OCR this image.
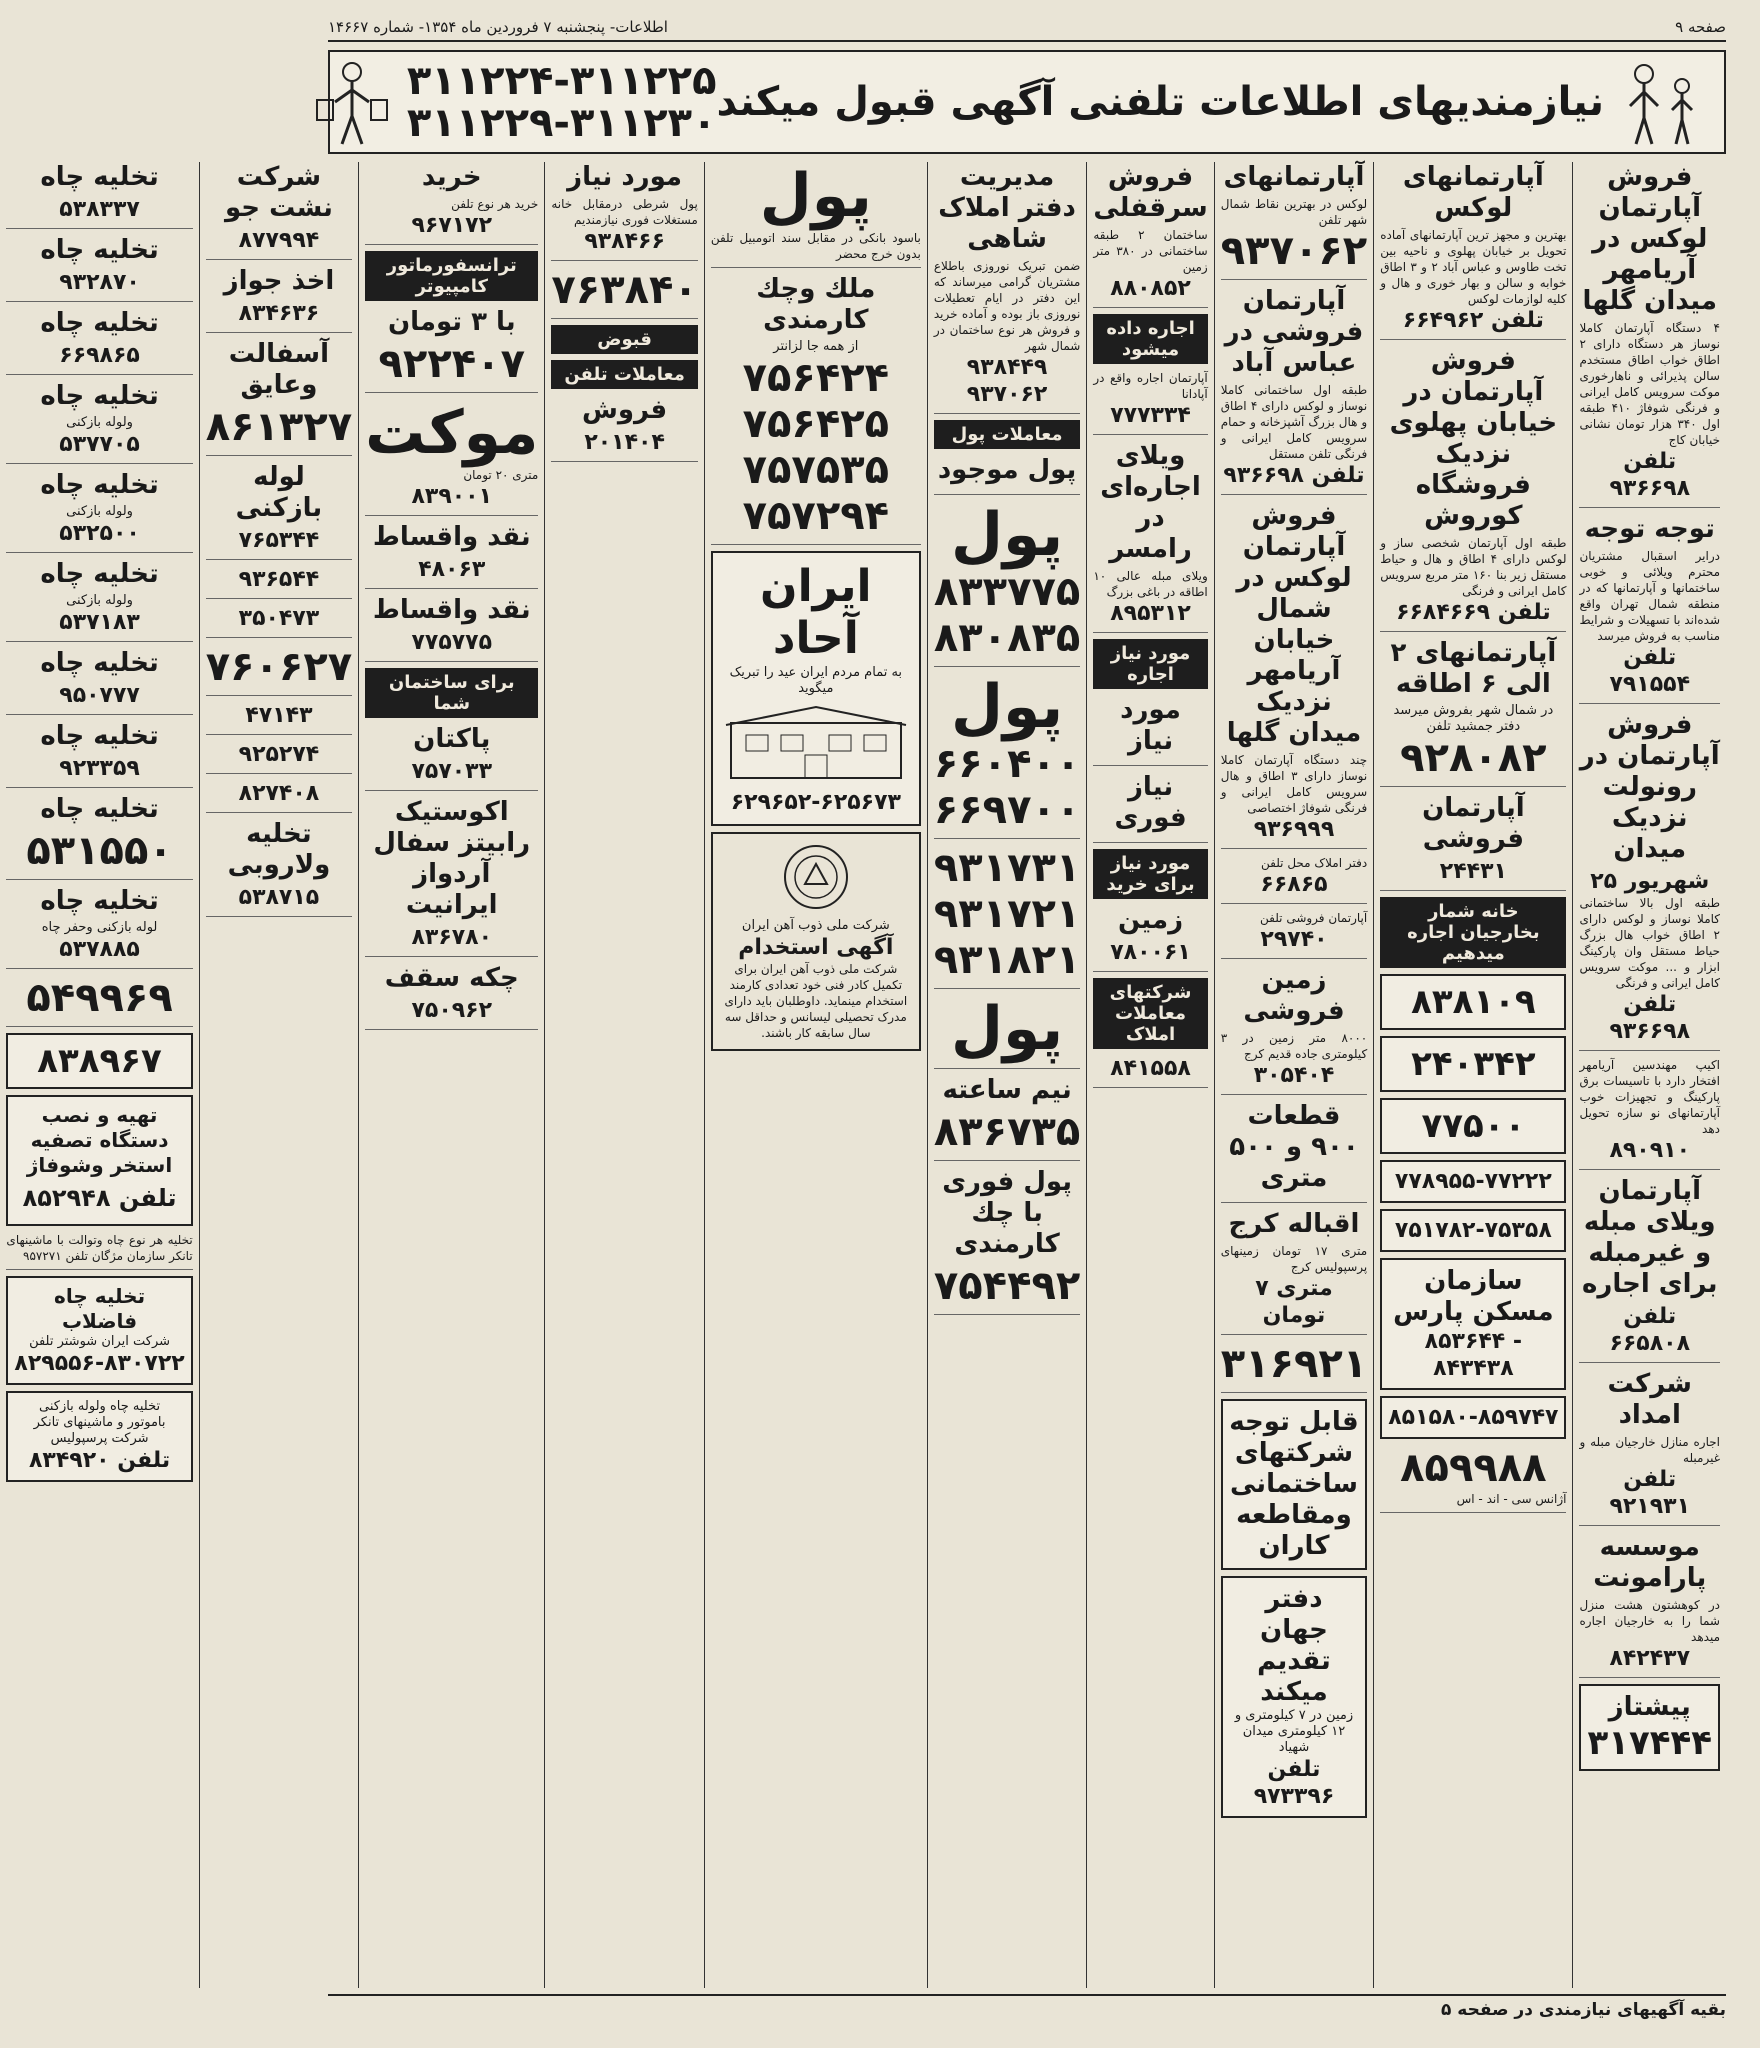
صفحه ۹
اطلاعات- پنجشنبه ۷ فروردین ماه ۱۳۵۴- شماره ۱۴۶۶۷
نیازمندیهای اطلاعات تلفنی آگهی قبول میکند
۳۱۱۲۲۴-۳۱۱۲۲۵
۳۱۱۲۲۹-۳۱۱۲۳۰
فروش آپارتمان لوکس در آریامهر میدان گلها

۴ دستگاه آپارتمان کاملا نوساز هر دستگاه دارای ۲ اطاق خواب اطاق مستخدم سالن پذیرائی و ناهارخوری موکت سرویس کامل ایرانی و فرنگی شوفاژ ۴۱۰ طبقه اول ۳۴۰ هزار تومان نشانی خیابان کاج

تلفن ۹۳۶۶۹۸
توجه توجه

درایر اسقبال مشتریان محترم ویلائی و خوبی ساختمانها و آپارتمانها که در منطقه شمال تهران واقع شده‌اند با تسهیلات و شرایط مناسب به فروش میرسد

تلفن ۷۹۱۵۵۴
فروش آپارتمان در رونولت نزدیک میدان
۲۵ شهریور

طبقه اول بالا ساختمانی کاملا نوساز و لوکس دارای ۲ اطاق خواب هال بزرگ حیاط مستقل وان پارکینگ ابزار و ... موکت سرویس کامل ایرانی و فرنگی

تلفن ۹۳۶۶۹۸

اکیپ مهندسین آریامهر افتخار دارد با تاسیسات برق پارکینگ و تجهیزات خوب آپارتمانهای نو سازه تحویل دهد

۸۹۰۹۱۰
آپارتمان ویلای مبله و غیرمبله برای اجاره
تلفن ۶۶۵۸۰۸
شرکت امداد

اجاره منازل خارجیان مبله و غیرمبله

تلفن ۹۲۱۹۳۱
موسسه پارامونت

در کوهشتون هشت منزل شما را به خارجیان اجاره میدهد

۸۴۲۴۳۷
پیشتاز
۳۱۷۴۴۴
آپارتمانهای لوکس

بهترین و مجهز ترین آپارتمانهای آماده تحویل بر خیابان پهلوی و ناحیه بین تخت طاوس و عباس آباد ۲ و ۳ اطاق خوابه و سالن و بهار خوری و هال و کلیه لوازمات لوکس

تلفن ۶۶۴۹۶۲
فروش آپارتمان در خیابان پهلوی نزدیک فروشگاه کوروش

طبقه اول آپارتمان شخصی ساز و لوکس دارای ۴ اطاق و هال و حیاط مستقل زیر بنا ۱۶۰ متر مربع سرویس کامل ایرانی و فرنگی

تلفن ۶۶۸۴۶۶۹
آپارتمانهای ۲ الی ۶ اطاقه
در شمال شهر بفروش میرسد
دفتر جمشید تلفن
۹۲۸۰۸۲
آپارتمان فروشی
۲۴۴۳۱
خانه شمار بخارجیان اجاره میدهیم
۸۳۸۱۰۹
۲۴۰۳۴۲
۷۷۵۰۰
۷۷۸۹۵۵-۷۷۲۲۲
۷۵۱۷۸۲-۷۵۳۵۸
سازمان مسکن پارس
۸۵۳۶۴۴ - ۸۴۳۴۳۸
۸۵۱۵۸۰-۸۵۹۷۴۷
۸۵۹۹۸۸

آژانس سی - اند - اس

آپارتمانهای

لوکس در بهترین نقاط شمال شهر تلفن

۹۳۷۰۶۲
آپارتمان فروشی در عباس آباد

طبقه اول ساختمانی کاملا نوساز و لوکس دارای ۴ اطاق و هال بزرگ آشپزخانه و حمام سرویس کامل ایرانی و فرنگی تلفن مستقل

تلفن ۹۳۶۶۹۸
فروش آپارتمان لوکس در شمال خیابان آریامهر نزدیک میدان گلها

چند دستگاه آپارتمان کاملا نوساز دارای ۳ اطاق و هال سرویس کامل ایرانی و فرنگی شوفاژ اختصاصی

۹۳۶۹۹۹

دفتر املاک محل تلفن

۶۶۸۶۵

آپارتمان فروشی تلفن

۲۹۷۴۰
زمین فروشی

۸۰۰۰ متر زمین در ۳ کیلومتری جاده قدیم کرج

۳۰۵۴۰۴
قطعات ۹۰۰ و ۵۰۰ متری
اقباله کرج

متری ۱۷ تومان زمینهای پرسپولیس کرج

متری ۷ تومان
۳۱۶۹۲۱
قابل توجه شرکتهای ساختمانی ومقاطعه کاران
دفتر جهان تقدیم میکند
زمین در ۷ کیلومتری و ۱۲ کیلومتری میدان شهیاد
تلفن ۹۷۳۳۹۶
فروش سرقفلی

ساختمان ۲ طبقه ساختمانی در ۳۸۰ متر زمین

۸۸۰۸۵۲
اجاره داده میشود

آپارتمان اجاره واقع در آپادانا

۷۷۷۳۳۴
ویلای اجاره‌ای در رامسر

ویلای مبله عالی ۱۰ اطاقه در باغی بزرگ

۸۹۵۳۱۲
مورد نیاز اجاره
مورد نیاز
نیاز فوری
مورد نیاز برای خرید
زمین
۷۸۰۰۶۱
شرکتهای معاملات املاک
۸۴۱۵۵۸
مدیریت دفتر املاک شاهی

ضمن تبریک نوروزی باطلاع مشتریان گرامی میرساند که این دفتر در ایام تعطیلات نوروزی باز بوده و آماده خرید و فروش هر نوع ساختمان در شمال شهر

۹۳۸۴۴۹
۹۳۷۰۶۲
معاملات پول
پول موجود
پول
۸۳۳۷۷۵
۸۳۰۸۳۵
پول
۶۶۰۴۰۰
۶۶۹۷۰۰
۹۳۱۷۳۱
۹۳۱۷۲۱
۹۳۱۸۲۱
پول
نیم ساعته
۸۳۶۷۳۵
پول فوری با چك كارمندی
۷۵۴۴۹۲
پول

باسود بانکی در مقابل سند اتومبیل تلفن بدون خرج محضر

ملك وچك كارمندی
از همه جا لزانتر
۷۵۶۴۲۴
۷۵۶۴۲۵
۷۵۷۵۳۵
۷۵۷۲۹۴
ایران آحاد
به تمام مردم ایران عید را تبریک میگوید
۶۲۹۶۵۲-۶۲۵۶۷۳
شرکت ملی ذوب آهن ایران
آگهی استخدام

شرکت ملی ذوب آهن ایران برای تکمیل کادر فنی خود تعدادی کارمند استخدام مینماید. داوطلبان باید دارای مدرک تحصیلی لیسانس و حداقل سه سال سابقه کار باشند.

مورد نیاز

پول شرطی درمقابل خانه مستغلات فوری نیازمندیم

۹۳۸۴۶۶
۷۶۳۸۴۰
قبوض
معاملات تلفن
فروش
۲۰۱۴۰۴
خرید

خرید هر نوع تلفن

۹۶۷۱۷۲
ترانسفورماتور کامپیوتر
با ۳ تومان
۹۲۲۴۰۷
موکت

متری ۲۰ تومان

۸۳۹۰۰۱
نقد واقساط
۴۸۰۶۳
نقد واقساط
۷۷۵۷۷۵
برای ساختمان شما
پاکتان
۷۵۷۰۳۳
اکوستیک رابیتز سفال آردواز ایرانیت
۸۳۶۷۸۰
چکه سقف
۷۵۰۹۶۲
شرکت نشت جو
۸۷۷۹۹۴
اخذ جواز
۸۳۴۶۳۶
آسفالت وعایق
۸۶۱۳۲۷
لوله بازکنی
۷۶۵۳۴۴
۹۳۶۵۴۴
۳۵۰۴۷۳
۷۶۰۶۲۷
۴۷۱۴۳
۹۲۵۲۷۴
۸۲۷۴۰۸
تخلیه ولاروبی
۵۳۸۷۱۵
تخلیه چاه
۵۳۸۳۳۷
تخلیه چاه
۹۳۲۸۷۰
تخلیه چاه
۶۶۹۸۶۵
تخلیه چاه
ولوله بازکنی
۵۳۷۷۰۵
تخلیه چاه
ولوله بازکنی
۵۳۲۵۰۰
تخلیه چاه
ولوله بازکنی
۵۳۷۱۸۳
تخلیه چاه
۹۵۰۷۷۷
تخلیه چاه
۹۲۳۳۵۹
تخلیه چاه
۵۳۱۵۵۰
تخلیه چاه
لوله بازکنی وحفر چاه
۵۳۷۸۸۵
۵۴۹۹۶۹
۸۳۸۹۶۷
تهیه و نصب دستگاه تصفیه استخر وشوفاژ
تلفن ۸۵۲۹۴۸

تخلیه هر نوع چاه وتوالت با ماشینهای تانکر سازمان مژگان تلفن ۹۵۷۲۷۱

تخلیه چاه فاضلاب
شرکت ایران شوشتر تلفن
۸۲۹۵۵۶-۸۳۰۷۲۲
تخلیه چاه ولوله بازکنی
باموتور و ماشینهای تانکر
شرکت پرسپولیس
تلفن ۸۳۴۹۲۰
بقیه آگهیهای نیازمندی در صفحه ۵
